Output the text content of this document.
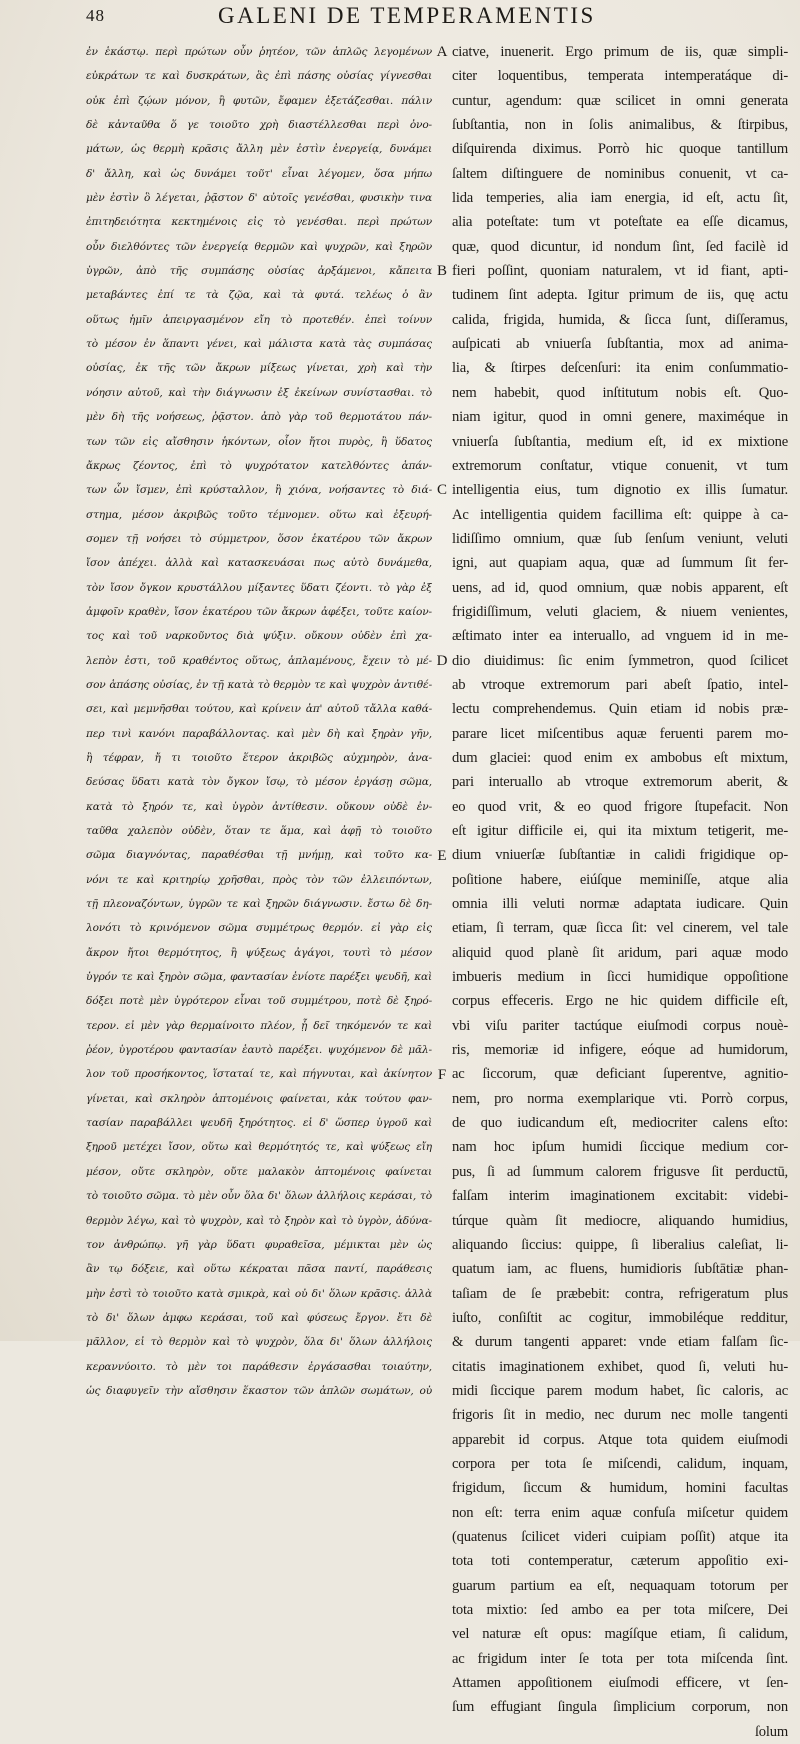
48	GALENI DE TEMPERAMENTIS
ἐν ἑκάστῳ. περὶ πρώτων οὖν ῥητέον, τῶν ἁπλῶς λεγομένων
εὐκράτων τε καὶ δυσκράτων, ἃς ἐπὶ πάσης οὐσίας γίγνεσθαι
οὐκ ἐπὶ ζῴων μόνον, ἢ φυτῶν, ἔφαμεν ἐξετάζεσθαι. πάλιν
δὲ κἀνταῦθα ὅ γε τοιοῦτο χρὴ διαστέλλεσθαι περὶ ὀνο-
μάτων, ὡς θερμὴ κρᾶσις ἄλλη μὲν ἐστὶν ἐνεργείᾳ, δυνάμει
δ' ἄλλη, καὶ ὡς δυνάμει τοῦτ' εἶναι λέγομεν, ὅσα μήπω
μὲν ἐστὶν ὃ λέγεται, ῥᾷστον δ' αὐτοῖς γενέσθαι, φυσικὴν τινα
ἐπιτηδειότητα κεκτημένοις εἰς τὸ γενέσθαι. περὶ πρώτων
οὖν διελθόντες τῶν ἐνεργείᾳ θερμῶν καὶ ψυχρῶν, καὶ ξηρῶν
ὑγρῶν, ἀπὸ τῆς συμπάσης οὐσίας ἀρξάμενοι, κἄπειτα
μεταβάντες ἐπί τε τὰ ζῷα, καὶ τὰ φυτά. τελέως ὁ ἂν
οὕτως ἡμῖν ἀπειργασμένον εἴη τὸ προτεθέν. ἐπεὶ τοίνυν
τὸ μέσον ἐν ἅπαντι γένει, καὶ μάλιστα κατὰ τὰς συμπάσας
οὐσίας, ἐκ τῆς τῶν ἄκρων μίξεως γίνεται, χρὴ καὶ τὴν
νόησιν αὐτοῦ, καὶ τὴν διάγνωσιν ἐξ ἐκείνων συνίστασθαι. τὸ
μὲν δὴ τῆς νοήσεως, ῥᾷστον. ἀπὸ γὰρ τοῦ θερμοτάτου πάν-
των τῶν εἰς αἴσθησιν ἡκόντων, οἷον ἤτοι πυρὸς, ἢ ὕδατος
ἄκρως ζέοντος, ἐπὶ τὸ ψυχρότατον κατελθόντες ἁπάν-
των ὧν ἴσμεν, ἐπὶ κρύσταλλον, ἢ χιόνα, νοήσαντες τὸ διά-
στημα, μέσον ἀκριβῶς τοῦτο τέμνομεν. οὕτω καὶ ἐξευρή-
σομεν τῇ νοήσει τὸ σύμμετρον, ὅσον ἑκατέρου τῶν ἄκρων
ἴσον ἀπέχει. ἀλλὰ καὶ κατασκευάσαι πως αὐτὸ δυνάμεθα,
τὸν ἴσον ὄγκον κρυστάλλου μίξαντες ὕδατι ζέοντι. τὸ γὰρ ἐξ
ἀμφοῖν κραθὲν, ἴσον ἑκατέρου τῶν ἄκρων ἀφέξει, τοῦτε καίον-
τος καὶ τοῦ ναρκοῦντος διὰ ψύξιν. οὔκουν οὐδὲν ἐπὶ χα-
λεπὸν ἐστι, τοῦ κραθέντος οὕτως, ἁπλαμένους, ἔχειν τὸ μέ-
σον ἁπάσης οὐσίας, ἐν τῇ κατὰ τὸ θερμὸν τε καὶ ψυχρὸν ἀντιθέ-
σει, καὶ μεμνῆσθαι τούτου, καὶ κρίνειν ἀπ' αὐτοῦ τἄλλα καθά-
περ τινὶ κανόνι παραβάλλοντας. καὶ μὲν δὴ καὶ ξηρὰν γῆν,
ἢ τέφραν, ἤ τι τοιοῦτο ἕτερον ἀκριβῶς αὐχμηρὸν, ἀνα-
δεύσας ὕδατι κατὰ τὸν ὄγκον ἴσῳ, τὸ μέσον ἐργάσῃ σῶμα,
κατὰ τὸ ξηρόν τε, καὶ ὑγρὸν ἀντίθεσιν. οὔκουν οὐδὲ ἐν-
ταῦθα χαλεπὸν οὐδὲν, ὅταν τε ἅμα, καὶ ἀφῇ τὸ τοιοῦτο
σῶμα διαγνόντας, παραθέσθαι τῇ μνήμῃ, καὶ τοῦτο κα-
νόνι τε καὶ κριτηρίῳ χρῆσθαι, πρὸς τὸν τῶν ἐλλειπόντων,
τῇ πλεοναζόντων, ὑγρῶν τε καὶ ξηρῶν διάγνωσιν. ἔστω δὲ δη-
λονότι τὸ κρινόμενον σῶμα συμμέτρως θερμόν. εἰ γὰρ εἰς
ἄκρον ἤτοι θερμότητος, ἢ ψύξεως ἀγάγοι, τουτὶ τὸ μέσον
ὑγρόν τε καὶ ξηρὸν σῶμα, φαντασίαν ἐνίοτε παρέξει ψευδῆ, καὶ
δόξει ποτὲ μὲν ὑγρότερον εἶναι τοῦ συμμέτρου, ποτὲ δὲ ξηρό-
τερον. εἰ μὲν γὰρ θερμαίνοιτο πλέον, ᾗ δεῖ τηκόμενόν τε καὶ
ῥέον, ὑγροτέρου φαντασίαν ἑαυτὸ παρέξει. ψυχόμενον δὲ μᾶλ-
λον τοῦ προσήκοντος, ἵσταταί τε, καὶ πήγνυται, καὶ ἀκίνητον
γίνεται, καὶ σκληρὸν ἁπτομένοις φαίνεται, κἀκ τούτου φαν-
τασίαν παραβάλλει ψευδῆ ξηρότητος. εἰ δ' ὥσπερ ὑγροῦ καὶ
ξηροῦ μετέχει ἴσον, οὕτω καὶ θερμότητός τε, καὶ ψύξεως εἴη
μέσον, οὔτε σκληρὸν, οὔτε μαλακὸν ἀπτομένοις φαίνεται
τὸ τοιοῦτο σῶμα. τὸ μὲν οὖν ὅλα δι' ὅλων ἀλλήλοις κεράσαι, τὸ
θερμὸν λέγω, καὶ τὸ ψυχρὸν, καὶ τὸ ξηρὸν καὶ τὸ ὑγρὸν, ἀδύνα-
τον ἀνθρώπῳ. γῆ γὰρ ὕδατι φυραθεῖσα, μέμικται μὲν ὡς
ἂν τῳ δόξειε, καὶ οὕτω κέκραται πᾶσα παντί, παράθεσις
μὴν ἐστὶ τὸ τοιοῦτο κατὰ σμικρὰ, καὶ οὐ δι' ὅλων κρᾶσις. ἀλλὰ
τὸ δι' ὅλων ἀμφω κεράσαι, τοῦ καὶ φύσεως ἔργον. ἔτι δὲ
μᾶλλον, εἰ τὸ θερμὸν καὶ τὸ ψυχρὸν, ὅλα δι' ὅλων ἀλλήλοις
κεραννύοιτο. τὸ μὲν τοι παράθεσιν ἐργάσασθαι τοιαύτην,
ὡς διαφυγεῖν τὴν αἴσθησιν ἕκαστον τῶν ἁπλῶν σωμάτων, οὐ
A
B
C
D
E
F
ciatve, inuenerit. Ergo primum de iis, quæ simpli-
citer loquentibus, temperata intemperatáque di-
cuntur, agendum: quæ scilicet in omni generata
ſubſtantia, non in ſolis animalibus, & ſtirpibus,
diſquirenda diximus. Porrò hic quoque tantillum
ſaltem diſtinguere de nominibus conuenit, vt ca-
lida temperies, alia iam energia, id eſt, actu ſit,
alia poteſtate: tum vt poteſtate ea eſſe dicamus,
quæ, quod dicuntur, id nondum ſint, ſed facilè id
fieri poſſint, quoniam naturalem, vt id fiant, apti-
tudinem ſint adepta. Igitur primum de iis, quę actu
calida, frigida, humida, & ſicca ſunt, diſſeramus,
auſpicati ab vniuerſa ſubſtantia, mox ad anima-
lia, & ſtirpes deſcenſuri: ita enim conſummatio-
nem habebit, quod inſtitutum nobis eſt. Quo-
niam igitur, quod in omni genere, maximéque in
vniuerſa ſubſtantia, medium eſt, id ex mixtione
extremorum conſtatur, vtique conuenit, vt tum
intelligentia eius, tum dignotio ex illis ſumatur.
Ac intelligentia quidem facillima eſt: quippe à ca-
lidiſſimo omnium, quæ ſub ſenſum veniunt, veluti
igni, aut quapiam aqua, quæ ad ſummum ſit fer-
uens, ad id, quod omnium, quæ nobis apparent, eſt
frigidiſſimum, veluti glaciem, & niuem venientes,
æſtimato inter ea interuallo, ad vnguem id in me-
dio diuidimus: ſic enim ſymmetron, quod ſcilicet
ab vtroque extremorum pari abeſt ſpatio, intel-
lectu comprehendemus. Quin etiam id nobis præ-
parare licet miſcentibus aquæ feruenti parem mo-
dum glaciei: quod enim ex ambobus eſt mixtum,
pari interuallo ab vtroque extremorum aberit, &
eo quod vrit, & eo quod frigore ſtupefacit. Non
eſt igitur difficile ei, qui ita mixtum tetigerit, me-
dium vniuerſæ ſubſtantiæ in calidi frigidique op-
poſitione habere, eiúſque meminiſſe, atque alia
omnia illi veluti normæ adaptata iudicare. Quin
etiam, ſi terram, quæ ſicca ſit: vel cinerem, vel tale
aliquid quod planè ſit aridum, pari aquæ modo
imbueris medium in ſicci humidique oppoſitione
corpus effeceris. Ergo ne hic quidem difficile eſt,
vbi viſu pariter tactúque eiuſmodi corpus nouè-
ris, memoriæ id infigere, eóque ad humidorum,
ac ſiccorum, quæ deficiant ſuperentve, agnitio-
nem, pro norma exemplarique vti. Porrò corpus,
de quo iudicandum eſt, mediocriter calens eſto:
nam hoc ipſum humidi ſiccique medium cor-
pus, ſi ad ſummum calorem frigusve ſit perductū,
falſam interim imaginationem excitabit: videbi-
túrque quàm ſit mediocre, aliquando humidius,
aliquando ſiccius: quippe, ſi liberalius caleſiat, li-
quatum iam, ac fluens, humidioris ſubſtātiæ phan-
taſiam de ſe præbebit: contra, refrigeratum plus
iuſto, conſiſtit ac cogitur, immobiléque redditur,
& durum tangenti apparet: vnde etiam falſam ſic-
citatis imaginationem exhibet, quod ſi, veluti hu-
midi ſiccique parem modum habet, ſic caloris, ac
frigoris ſit in medio, nec durum nec molle tangenti
apparebit id corpus. Atque tota quidem eiuſmodi
corpora per tota ſe miſcendi, calidum, inquam,
frigidum, ſiccum & humidum, homini facultas
non eſt: terra enim aquæ confuſa miſcetur quidem
(quatenus ſcilicet videri cuipiam poſſit) atque ita
tota toti contemperatur, cæterum appoſitio exi-
guarum partium ea eſt, nequaquam totorum per
tota mixtio: ſed ambo ea per tota miſcere, Dei
vel naturæ eſt opus: magíſque etiam, ſi calidum,
ac frigidum inter ſe tota per tota miſcenda ſint.
Attamen appoſitionem eiuſmodi efficere, vt ſen-
ſum effugiant ſingula ſimplicium corporum, non
ſolum
